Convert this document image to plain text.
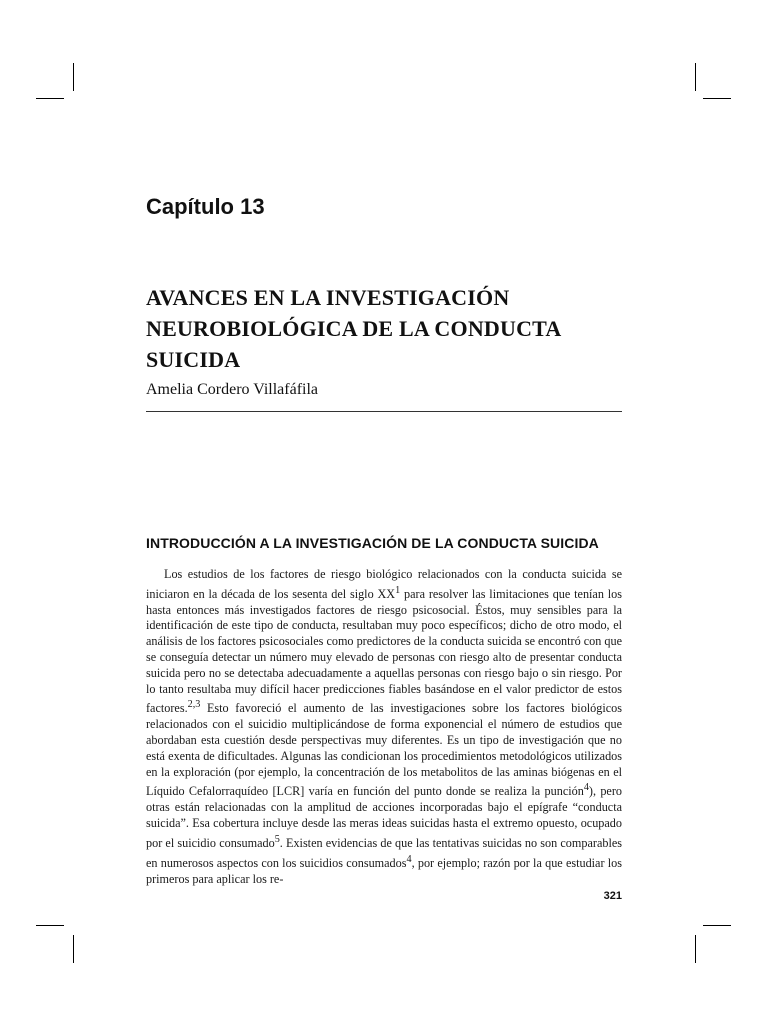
Capítulo 13
AVANCES EN LA INVESTIGACIÓN
NEUROBIOLÓGICA DE LA CONDUCTA
SUICIDA

Amelia Cordero Villafáfila

INTRODUCCIÓN A LA INVESTIGACIÓN DE LA CONDUCTA SUICIDA

Los estudios de los factores de riesgo biológico relacionados con la conducta suicida se iniciaron en la década de los sesenta del siglo $XX^1$ para resolver las limitaciones que tenían los hasta entonces más investigados factores de riesgo psicosocial. Éstos, muy sensibles para la identificación de este tipo de conducta, resultaban muy poco específicos; dicho de otro modo, el análisis de los factores psicosociales como predictores de la conducta suicida se encontró con que se conseguía detectar un número muy elevado de personas con riesgo alto de presentar conducta suicida pero no se detectaba adecuadamente a aquellas personas con riesgo bajo o sin riesgo. Por lo tanto resultaba muy difícil hacer predicciones fiables basándose en el valor predictor de estos factores.$^{2,3}$ Esto favoreció el aumento de las investigaciones sobre los factores biológicos relacionados con el suicidio multiplicándose de forma exponencial el número de estudios que abordaban esta cuestión desde perspectivas muy diferentes. Es un tipo de investigación que no está exenta de dificultades. Algunas las condicionan los procedimientos metodológicos utilizados en la exploración (por ejemplo, la concentración de los metabolitos de las aminas biógenas en el Líquido Cefalorraquídeo [LCR] varía en función del punto donde se realiza la punción$^4$), pero otras están relacionadas con la amplitud de acciones incorporadas bajo el epígrafe “conducta suicida”. Esa cobertura incluye desde las meras ideas suicidas hasta el extremo opuesto, ocupado por el suicidio consumado$^5$. Existen evidencias de que las tentativas suicidas no son comparables en numerosos aspectos con los suicidios consumados$^4$, por ejemplo; razón por la que estudiar los primeros para aplicar los re-

321
